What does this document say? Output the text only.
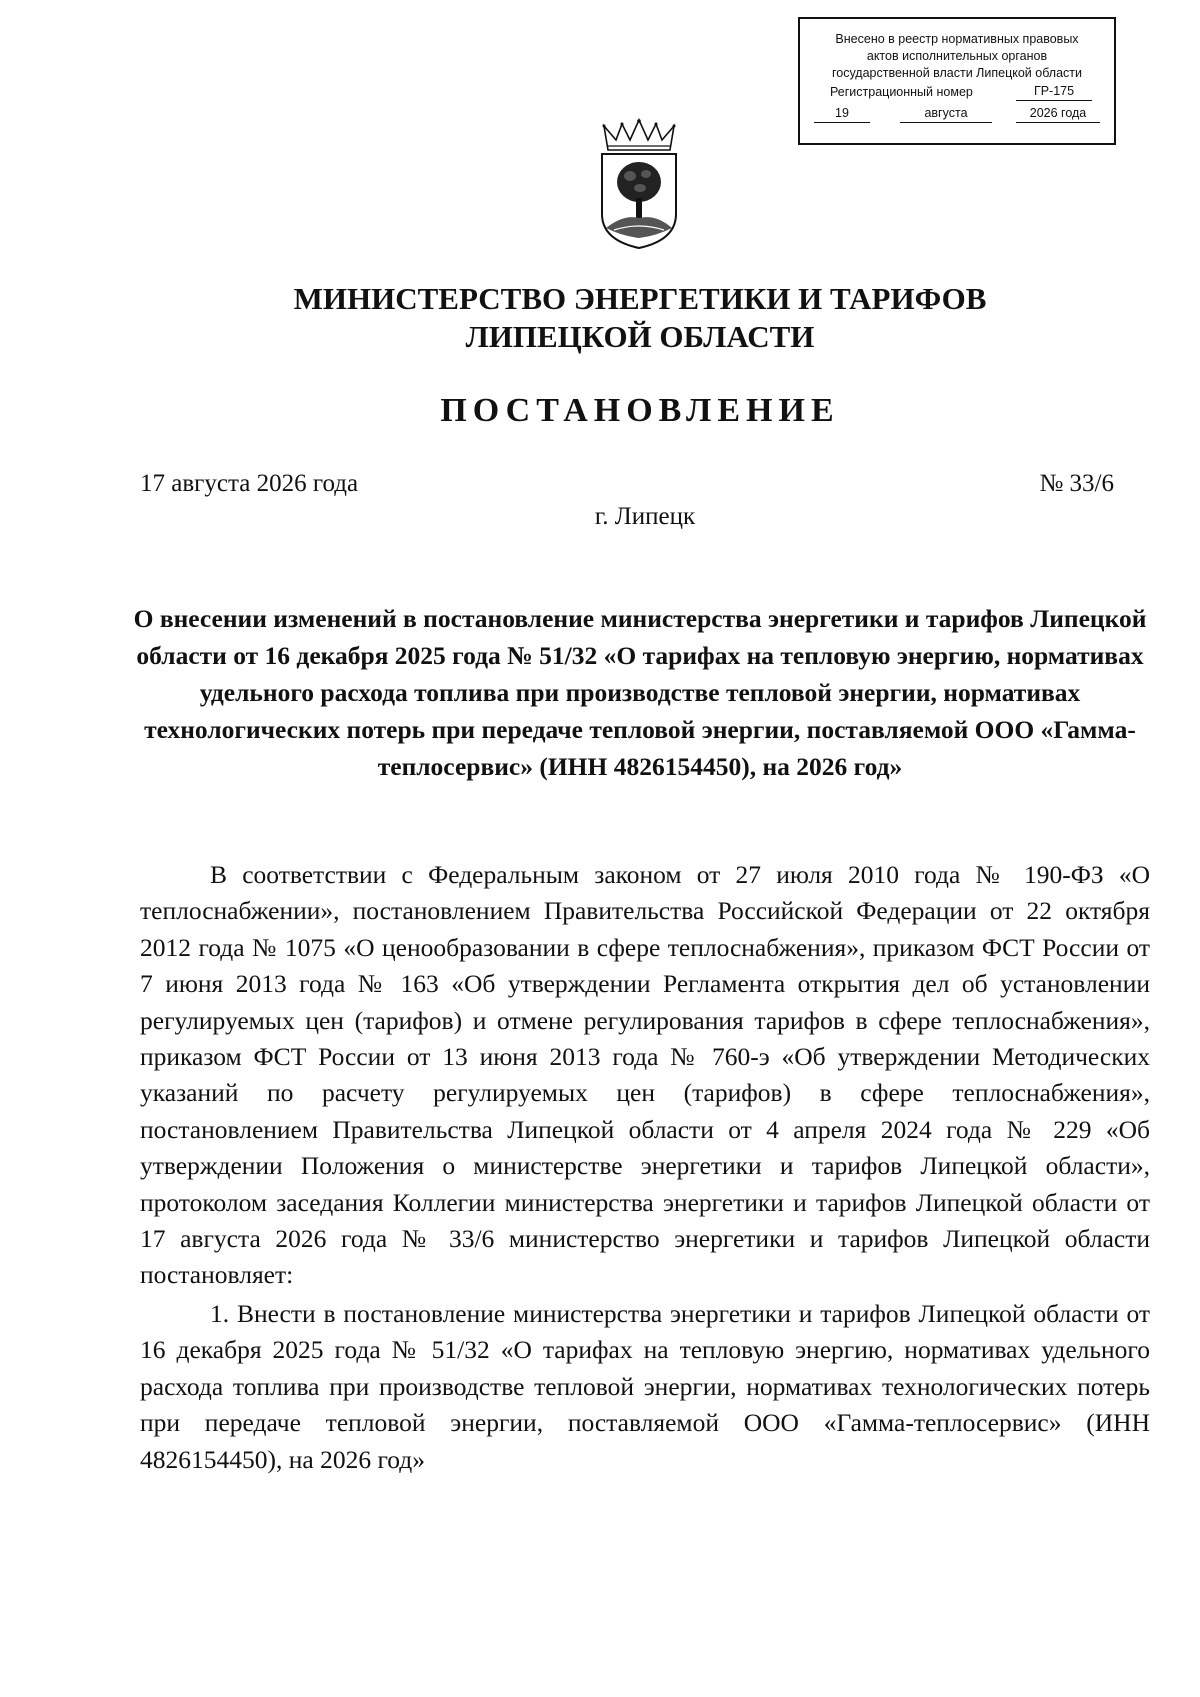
Внесено в реестр нормативных правовых
актов исполнительных органов
государственной власти Липецкой области
Регистрационный номер	ГР-175
19	августа	2026 года
МИНИСТЕРСТВО ЭНЕРГЕТИКИ И ТАРИФОВ
ЛИПЕЦКОЙ ОБЛАСТИ
ПОСТАНОВЛЕНИЕ
17 августа 2026 года	№ 33/6
г. Липецк
О внесении изменений в постановление министерства энергетики и тарифов Липецкой области от 16 декабря 2025 года № 51/32 «О тарифах на тепловую энергию, нормативах удельного расхода топлива при производстве тепловой энергии, нормативах технологических потерь при передаче тепловой энергии, поставляемой ООО «Гамма-теплосервис» (ИНН 4826154450), на 2026 год»

В соответствии с Федеральным законом от 27 июля 2010 года № 190-ФЗ «О теплоснабжении», постановлением Правительства Российской Федерации от 22 октября 2012 года № 1075 «О ценообразовании в сфере теплоснабжения», приказом ФСТ России от 7 июня 2013 года № 163 «Об утверждении Регламента открытия дел об установлении регулируемых цен (тарифов) и отмене регулирования тарифов в сфере теплоснабжения», приказом ФСТ России от 13 июня 2013 года № 760-э «Об утверждении Методических указаний по расчету регулируемых цен (тарифов) в сфере теплоснабжения», постановлением Правительства Липецкой области от 4 апреля 2024 года № 229 «Об утверждении Положения о министерстве энергетики и тарифов Липецкой области», протоколом заседания Коллегии министерства энергетики и тарифов Липецкой области от 17 августа 2026 года № 33/6 министерство энергетики и тарифов Липецкой области постановляет:

1. Внести в постановление министерства энергетики и тарифов Липецкой области от 16 декабря 2025 года № 51/32 «О тарифах на тепловую энергию, нормативах удельного расхода топлива при производстве тепловой энергии, нормативах технологических потерь при передаче тепловой энергии, поставляемой ООО «Гамма-теплосервис» (ИНН 4826154450), на 2026 год»
